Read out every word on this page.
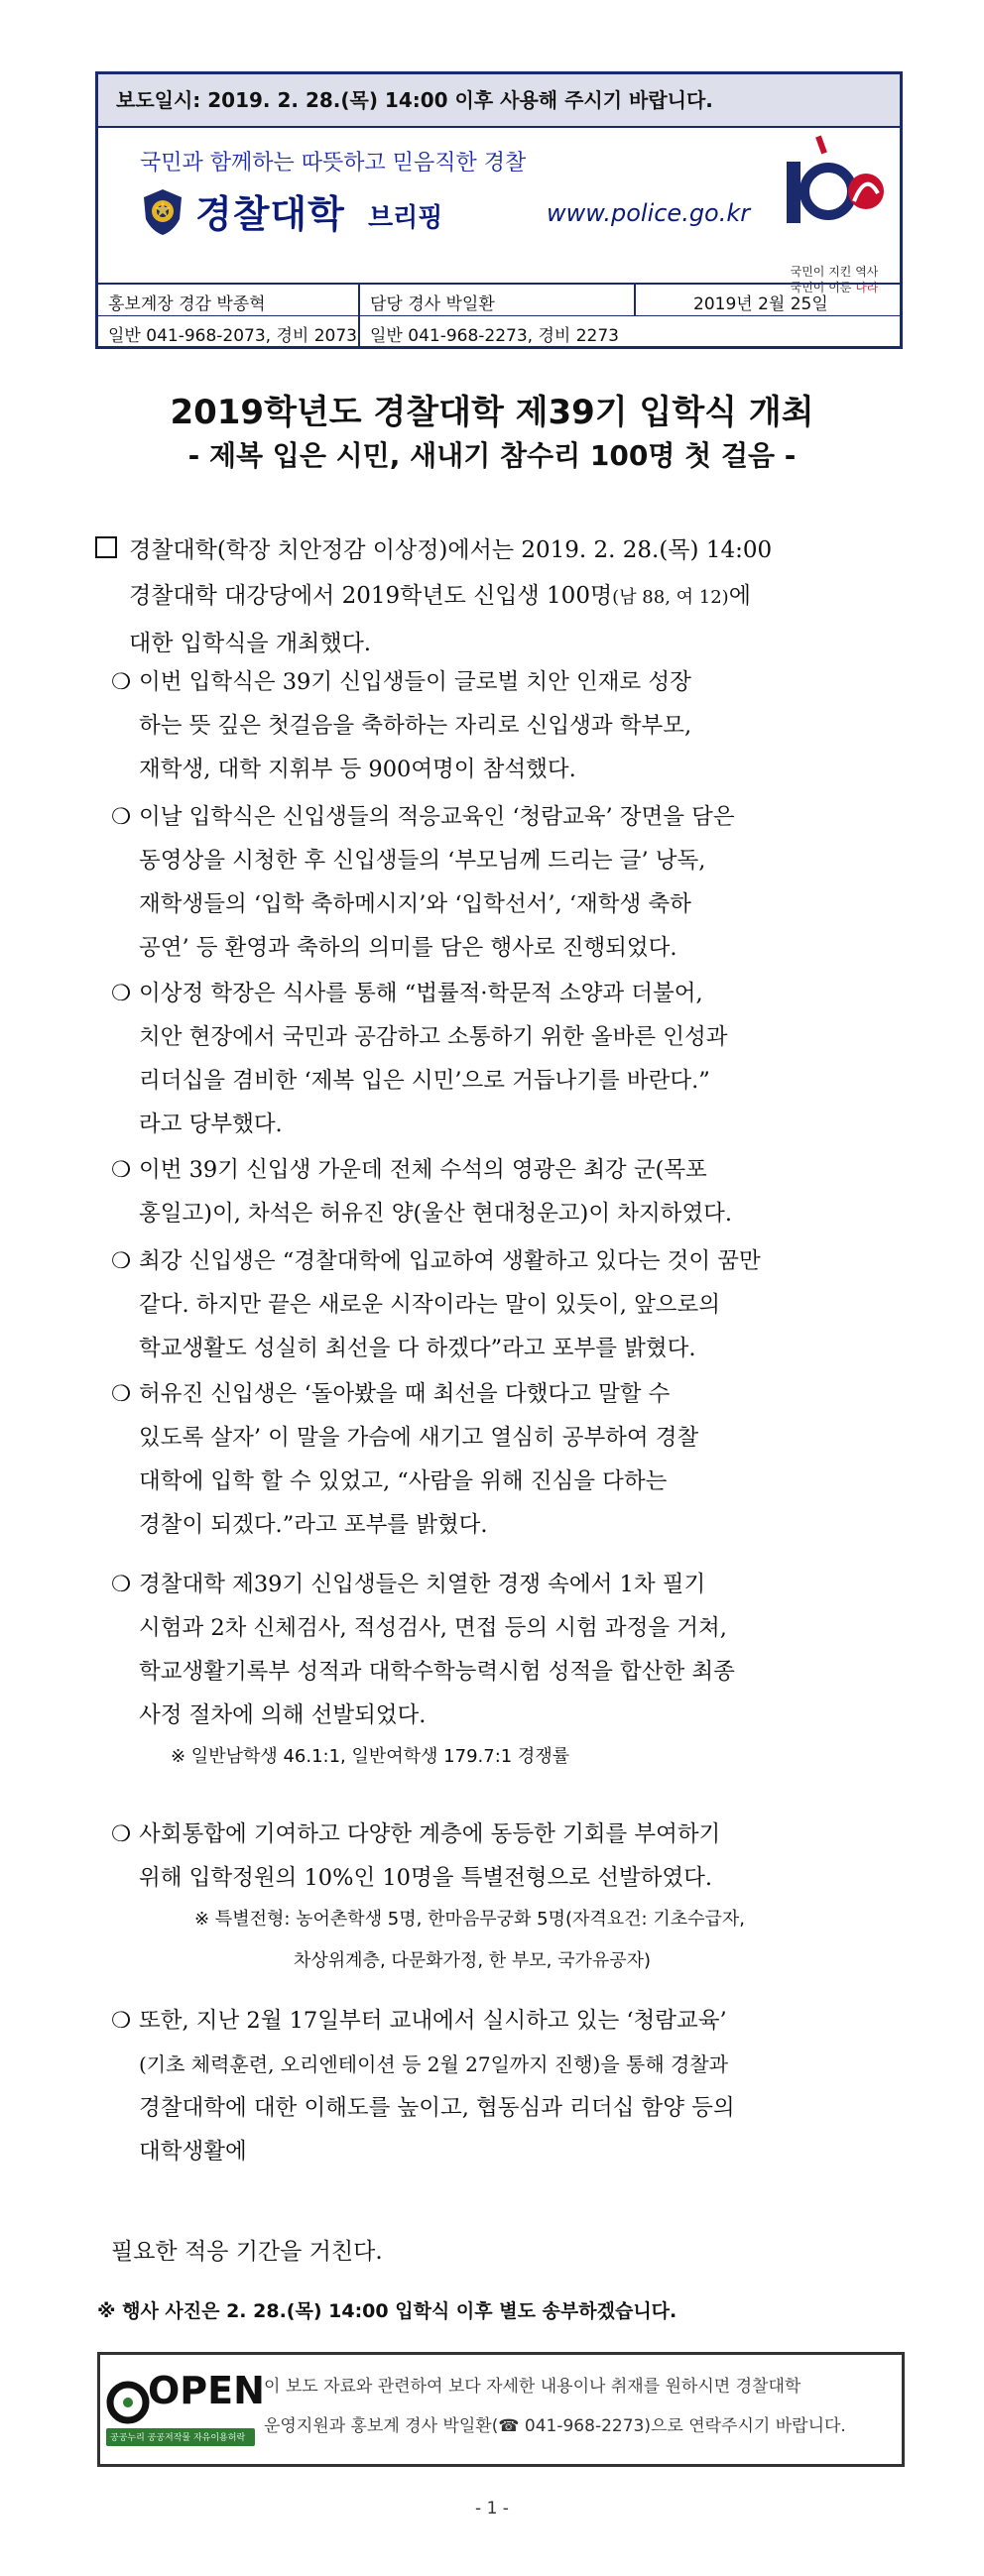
보도일시: 2019. 2. 28.(목) 14:00 이후 사용해 주시기 바랍니다.
국민과 함께하는 따뜻하고 믿음직한 경찰
경찰대학 브리핑	www.police.go.kr
국민이 지킨 역사
국민이 이룬 나라
홍보계장 경감 박종혁
일반 041-968-2073, 경비 2073
담당 경사 박일환
일반 041-968-2273, 경비 2273
2019년 2월 25일
2019학년도 경찰대학 제39기 입학식 개최
- 제복 입은 시민, 새내기 참수리 100명 첫 걸음 -
경찰대학(학장 치안정감 이상정)에서는 2019. 2. 28.(목) 14:00
경찰대학 대강당에서 2019학년도 신입생 100명(남 88, 여 12)에
대한 입학식을 개최했다.
❍ 이번 입학식은 39기 신입생들이 글로벌 치안 인재로 성장
하는 뜻 깊은 첫걸음을 축하하는 자리로 신입생과 학부모,
재학생, 대학 지휘부 등 900여명이 참석했다.
❍ 이날 입학식은 신입생들의 적응교육인 ‘청람교육’ 장면을 담은
동영상을 시청한 후 신입생들의 ‘부모님께 드리는 글’ 낭독,
재학생들의 ‘입학 축하메시지’와 ‘입학선서’, ‘재학생 축하
공연’ 등 환영과 축하의 의미를 담은 행사로 진행되었다.
❍ 이상정 학장은 식사를 통해 “법률적·학문적 소양과 더불어,
치안 현장에서 국민과 공감하고 소통하기 위한 올바른 인성과
리더십을 겸비한 ‘제복 입은 시민’으로 거듭나기를 바란다.”
라고 당부했다.
❍ 이번 39기 신입생 가운데 전체 수석의 영광은 최강 군(목포
홍일고)이, 차석은 허유진 양(울산 현대청운고)이 차지하였다.
❍ 최강 신입생은 “경찰대학에 입교하여 생활하고 있다는 것이 꿈만
같다. 하지만 끝은 새로운 시작이라는 말이 있듯이, 앞으로의
학교생활도 성실히 최선을 다 하겠다”라고 포부를 밝혔다.
❍ 허유진 신입생은 ‘돌아봤을 때 최선을 다했다고 말할 수
있도록 살자’ 이 말을 가슴에 새기고 열심히 공부하여 경찰
대학에 입학 할 수 있었고, “사람을 위해 진심을 다하는
경찰이 되겠다.”라고 포부를 밝혔다.
❍ 경찰대학 제39기 신입생들은 치열한 경쟁 속에서 1차 필기
시험과 2차 신체검사, 적성검사, 면접 등의 시험 과정을 거쳐,
학교생활기록부 성적과 대학수학능력시험 성적을 합산한 최종
사정 절차에 의해 선발되었다.
※ 일반남학생 46.1:1, 일반여학생 179.7:1 경쟁률
❍ 사회통합에 기여하고 다양한 계층에 동등한 기회를 부여하기
위해 입학정원의 10%인 10명을 특별전형으로 선발하였다.
※ 특별전형: 농어촌학생 5명, 한마음무궁화 5명(자격요건: 기초수급자,
차상위계층, 다문화가정, 한 부모, 국가유공자)
❍ 또한, 지난 2월 17일부터 교내에서 실시하고 있는 ‘청람교육’
(기초 체력훈련, 오리엔테이션 등 2월 27일까지 진행)을 통해 경찰과
경찰대학에 대한 이해도를 높이고, 협동심과 리더십 함양 등의
대학생활에
필요한 적응 기간을 거친다.
※ 행사 사진은 2. 28.(목) 14:00 입학식 이후 별도 송부하겠습니다.
OPEN
공공누리 공공저작물 자유이용허락
이 보도 자료와 관련하여 보다 자세한 내용이나 취재를 원하시면 경찰대학
운영지원과 홍보계 경사 박일환(☎ 041-968-2273)으로 연락주시기 바랍니다.
- 1 -
